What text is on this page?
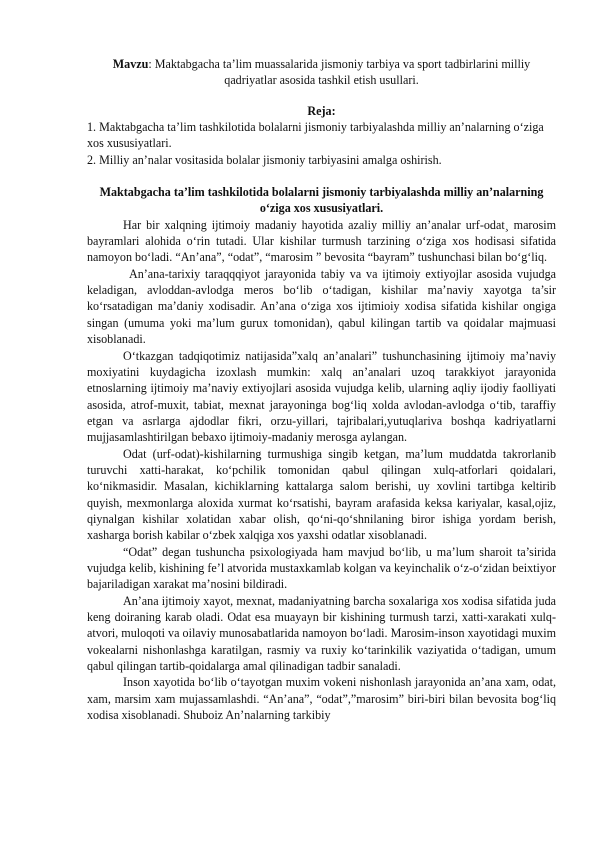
Mavzu: Maktabgacha ta’lim muassalarida jismoniy tarbiya va sport tadbirlarini milliy qadriyatlar asosida tashkil etish usullari.
Reja:
1. Maktabgacha ta’lim tashkilotida bolalarni jismoniy tarbiyalashda milliy an’nalarning o‘ziga xos xususiyatlari.
2. Milliy an’nalar vositasida bolalar jismoniy tarbiyasini amalga oshirish.
Maktabgacha ta’lim tashkilotida bolalarni jismoniy tarbiyalashda milliy an’nalarning o‘ziga xos xususiyatlari.

Har bir xalqning ijtimoiy madaniy hayotida azaliy milliy an’analar urf-odat¸ marosim bayramlari alohida o‘rin tutadi. Ular kishilar turmush tarzining o‘ziga xos hodisasi sifatida namoyon bo‘ladi. “An’ana”, “odat”, “marosim ” bevosita “bayram” tushunchasi bilan bo‘g‘liq.

An’ana-tarixiy taraqqqiyot jarayonida tabiy va va ijtimoiy extiyojlar asosida vujudga keladigan, avloddan-avlodga meros bo‘lib o‘tadigan, kishilar ma’naviy xayotga ta’sir ko‘rsatadigan ma’daniy xodisadir. An’ana o‘ziga xos ijtimioiy xodisa sifatida kishilar ongiga singan (umuma yoki ma’lum gurux tomonidan), qabul kilingan tartib va qoidalar majmuasi xisoblanadi.

O‘tkazgan tadqiqotimiz natijasida”xalq an’analari” tushunchasining ijtimoiy ma’naviy moxiyatini kuydagicha izoxlash mumkin: xalq an’analari uzoq tarakkiyot jarayonida etnoslarning ijtimoiy ma’naviy extiyojlari asosida vujudga kelib, ularning aqliy ijodiy faolliyati asosida, atrof-muxit, tabiat, mexnat jarayoninga bog‘liq xolda avlodan-avlodga o‘tib, taraffiy etgan va asrlarga ajdodlar fikri, orzu-yillari, tajribalari,yutuqlariva boshqa kadriyatlarni mujjasamlashtirilgan bebaxo ijtimoiy-madaniy merosga aylangan.

Odat (urf-odat)-kishilarning turmushiga singib ketgan, ma’lum muddatda takrorlanib turuvchi xatti-harakat, ko‘pchilik tomonidan qabul qilingan xulq-atforlari qoidalari, ko‘nikmasidir. Masalan, kichiklarning kattalarga salom berishi, uy xovlini tartibga keltirib quyish, mexmonlarga aloxida xurmat ko‘rsatishi, bayram arafasida keksa kariyalar, kasal,ojiz, qiynalgan kishilar xolatidan xabar olish, qo‘ni-qo‘shnilaning biror ishiga yordam berish, xasharga borish kabilar o‘zbek xalqiga xos yaxshi odatlar xisoblanadi.

“Odat” degan tushuncha psixologiyada ham mavjud bo‘lib, u ma’lum sharoit ta’sirida vujudga kelib, kishining fe’l atvorida mustaxkamlab kolgan va keyinchalik o‘z-o‘zidan beixtiyor bajariladigan xarakat ma’nosini bildiradi.

An’ana ijtimoiy xayot, mexnat, madaniyatning barcha soxalariga xos xodisa sifatida juda keng doiraning karab oladi. Odat esa muayayn bir kishining turmush tarzi, xatti-xarakati xulq-atvori, muloqoti va oilaviy munosabatlarida namoyon bo‘ladi. Marosim-inson xayotidagi muxim vokealarni nishonlashga karatilgan, rasmiy va ruxiy ko‘tarinkilik vaziyatida o‘tadigan, umum qabul qilingan tartib-qoidalarga amal qilinadigan tadbir sanaladi.

Inson xayotida bo‘lib o‘tayotgan muxim vokeni nishonlash jarayonida an’ana xam, odat, xam, marsim xam mujassamlashdi. “An’ana”, “odat”,”marosim” biri-biri bilan bevosita bog‘liq xodisa xisoblanadi. Shuboiz An’nalarning tarkibiy
